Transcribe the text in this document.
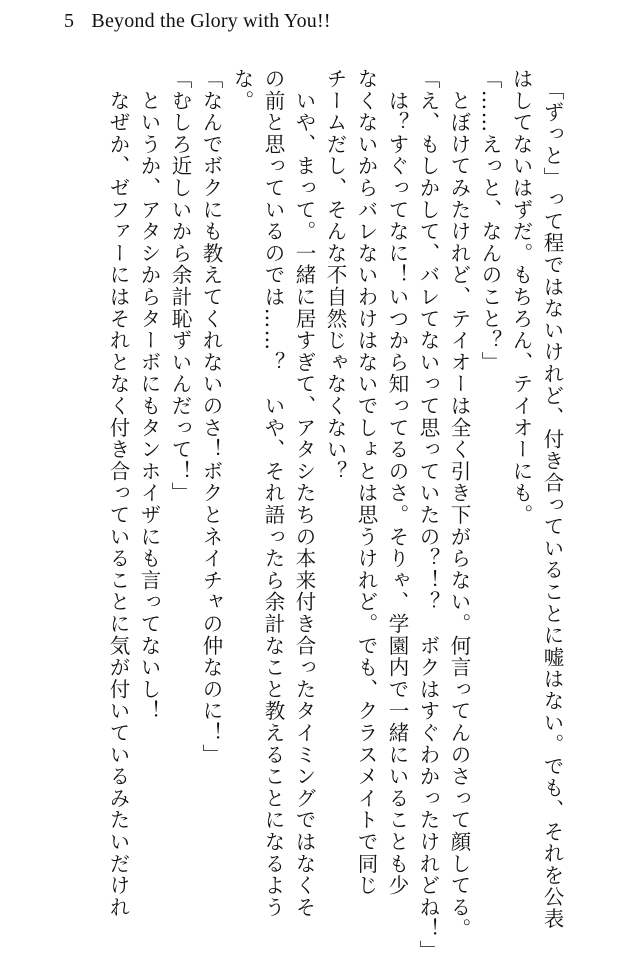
5 Beyond the Glory with You!!
　「ずっと」って程ではないけれど、付き合っていることに嘘はない。でも、それを公表
はしてないはずだ。もちろん、テイオーにも。
「……えっと、なんのこと？」
　とぼけてみたけれど、テイオーは全く引き下がらない。何言ってんのさって顔してる。
「え、もしかして、バレてないって思っていたの？！？　ボクはすぐわかったけれどね！」
　は？すぐってなに！いつから知ってるのさ。そりゃ、学園内で一緒にいることも少
なくないからバレないわけはないでしょとは思うけれど。でも、クラスメイトで同じ
チームだし、そんな不自然じゃなくない？
　いや、まって。一緒に居すぎて、アタシたちの本来付き合ったタイミングではなくそ
の前と思っているのでは……？　いや、それ語ったら余計なこと教えることになるよう
な。
「なんでボクにも教えてくれないのさ！ボクとネイチャの仲なのに！」
「むしろ近しいから余計恥ずいんだって！」
　というか、アタシからターボにもタンホイザにも言ってないし！
　なぜか、ゼファーにはそれとなく付き合っていることに気が付いているみたいだけれ
